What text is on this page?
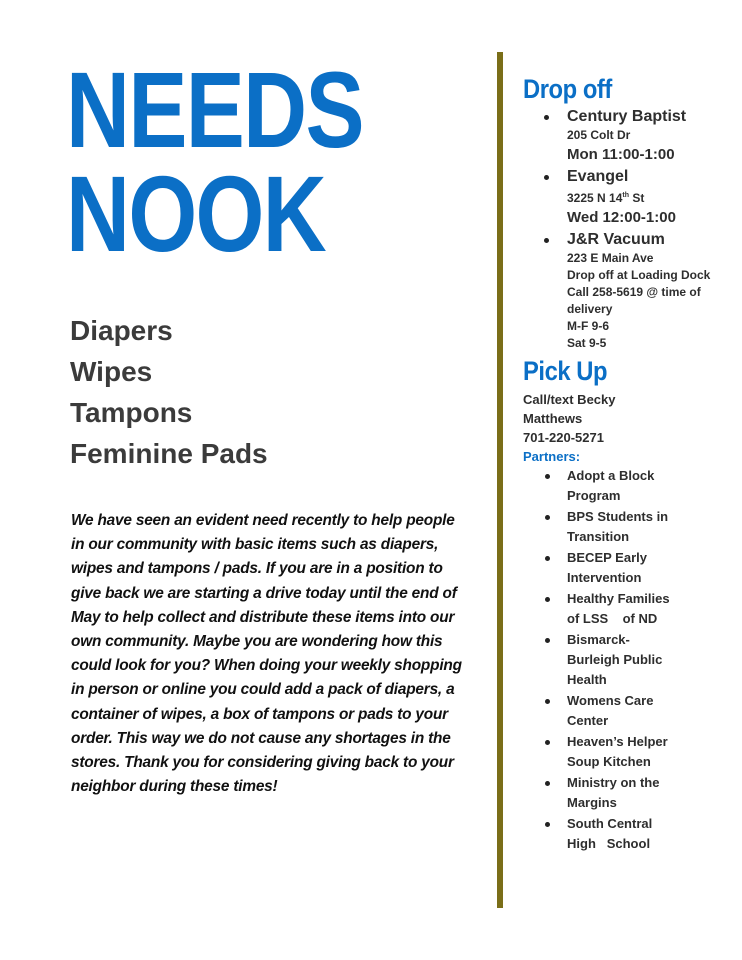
NEEDS
NOOK
Diapers
Wipes
Tampons
Feminine Pads
We have seen an evident need recently to help people in our community with basic items such as diapers, wipes and tampons / pads. If you are in a position to give back we are starting a drive today until the end of May to help collect and distribute these items into our own community. Maybe you are wondering how this could look for you? When doing your weekly shopping in person or online you could add a pack of diapers, a container of wipes, a box of tampons or pads to your order. This way we do not cause any shortages in the stores. Thank you for considering giving back to your neighbor during these times!
Drop off
Century Baptist
205 Colt Dr
Mon 11:00-1:00
Evangel
3225 N 14th St
Wed 12:00-1:00
J&R Vacuum
223 E Main Ave
Drop off at Loading Dock
Call 258-5619 @ time of delivery
M-F 9-6
Sat 9-5
Pick Up
Call/text Becky Matthews
701-220-5271
Partners:
Adopt a Block Program
BPS Students in Transition
BECEP Early Intervention
Healthy Families of LSS    of ND
Bismarck-Burleigh Public Health
Womens Care Center
Heaven’s Helper Soup Kitchen
Ministry on the Margins
South Central High   School
